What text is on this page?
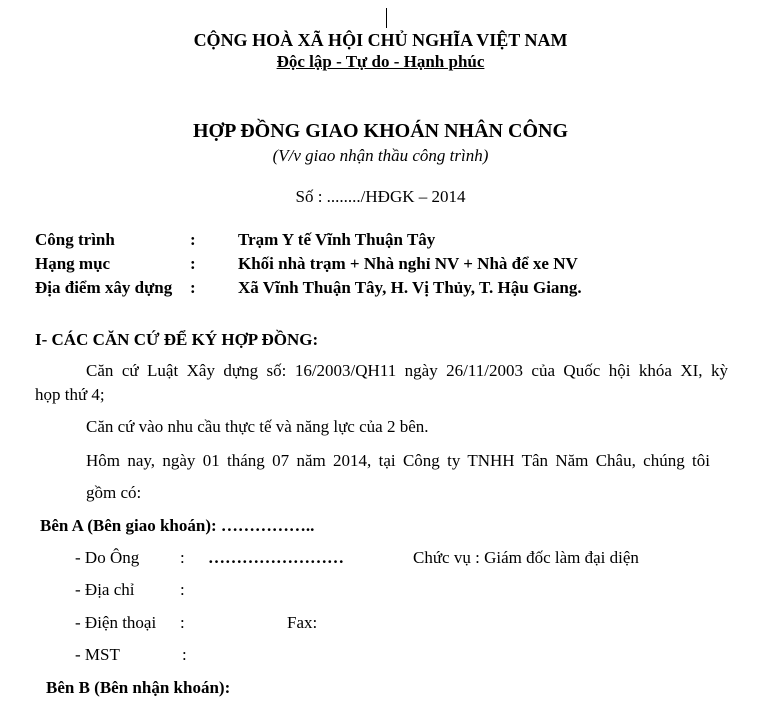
CỘNG HOÀ XÃ HỘI CHỦ NGHĨA VIỆT NAM
Độc lập - Tự do - Hạnh phúc
HỢP ĐỒNG GIAO KHOÁN NHÂN CÔNG
(V/v giao nhận thầu công trình)
Số : ......../HĐGK – 2014
Công trình	: Trạm Y tế Vĩnh Thuận Tây
Hạng mục	: Khối nhà trạm + Nhà nghỉ NV + Nhà để xe NV
Địa điểm xây dựng : Xã Vĩnh Thuận Tây, H. Vị Thủy, T. Hậu Giang.
I- CÁC CĂN CỨ ĐỂ KÝ HỢP ĐỒNG:
Căn cứ Luật Xây dựng số: 16/2003/QH11 ngày 26/11/2003 của Quốc hội khóa XI, kỳ
họp thứ 4;
Căn cứ vào nhu cầu thực tế và năng lực của 2 bên.
Hôm nay, ngày 01 tháng 07 năm 2014, tại Công ty TNHH Tân Năm Châu, chúng tôi
gồm có:
Bên A (Bên giao khoán): ……………..
- Do Ông : ……………………	Chức vụ : Giám đốc làm đại diện
- Địa chỉ	:
- Điện thoại :	Fax:
- MST	:
Bên B (Bên nhận khoán):
